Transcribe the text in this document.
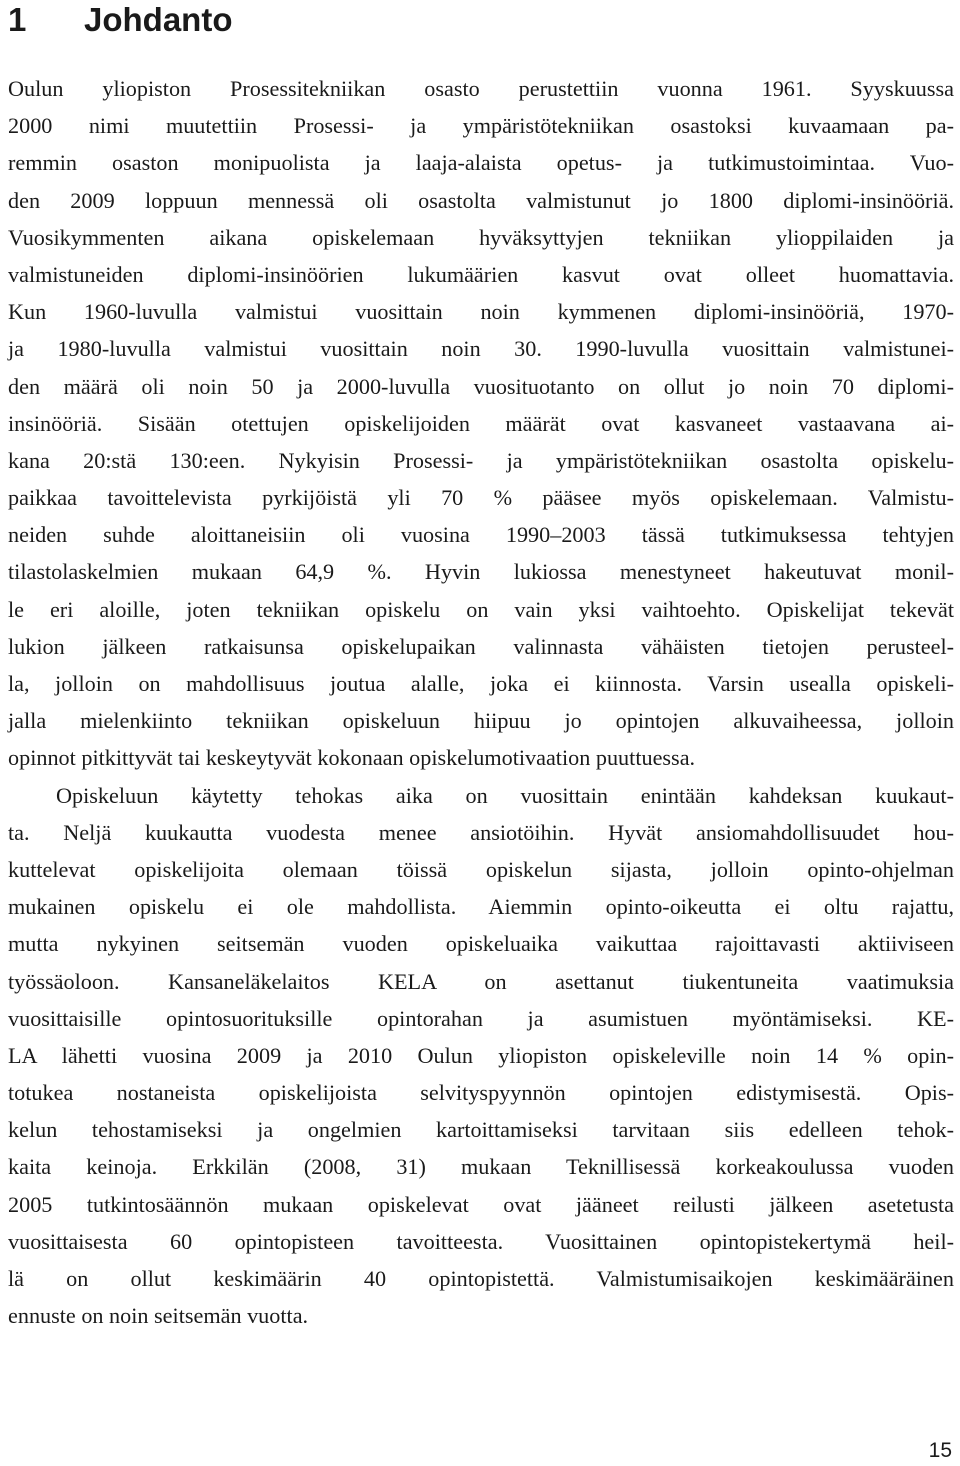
1 Johdanto
Oulun yliopiston Prosessitekniikan osasto perustettiin vuonna 1961. Syyskuussa
2000 nimi muutettiin Prosessi- ja ympäristötekniikan osastoksi kuvaamaan pa-
remmin osaston monipuolista ja laaja-alaista opetus- ja tutkimustoimintaa. Vuo-
den 2009 loppuun mennessä oli osastolta valmistunut jo 1800 diplomi-insinööriä.
Vuosikymmenten aikana opiskelemaan hyväksyttyjen tekniikan ylioppilaiden ja
valmistuneiden diplomi-insinöörien lukumäärien kasvut ovat olleet huomattavia.
Kun 1960-luvulla valmistui vuosittain noin kymmenen diplomi-insinööriä, 1970-
ja 1980-luvulla valmistui vuosittain noin 30. 1990-luvulla vuosittain valmistunei-
den määrä oli noin 50 ja 2000-luvulla vuosituotanto on ollut jo noin 70 diplomi-
insinööriä. Sisään otettujen opiskelijoiden määrät ovat kasvaneet vastaavana ai-
kana 20:stä 130:een. Nykyisin Prosessi- ja ympäristötekniikan osastolta opiskelu-
paikkaa tavoittelevista pyrkijöistä yli 70 % pääsee myös opiskelemaan. Valmistu-
neiden suhde aloittaneisiin oli vuosina 1990–2003 tässä tutkimuksessa tehtyjen
tilastolaskelmien mukaan 64,9 %. Hyvin lukiossa menestyneet hakeutuvat monil-
le eri aloille, joten tekniikan opiskelu on vain yksi vaihtoehto. Opiskelijat tekevät
lukion jälkeen ratkaisunsa opiskelupaikan valinnasta vähäisten tietojen perusteel-
la, jolloin on mahdollisuus joutua alalle, joka ei kiinnosta. Varsin usealla opiskeli-
jalla mielenkiinto tekniikan opiskeluun hiipuu jo opintojen alkuvaiheessa, jolloin
opinnot pitkittyvät tai keskeytyvät kokonaan opiskelumotivaation puuttuessa.
Opiskeluun käytetty tehokas aika on vuosittain enintään kahdeksan kuukaut-
ta. Neljä kuukautta vuodesta menee ansiotöihin. Hyvät ansiomahdollisuudet hou-
kuttelevat opiskelijoita olemaan töissä opiskelun sijasta, jolloin opinto-ohjelman
mukainen opiskelu ei ole mahdollista. Aiemmin opinto-oikeutta ei oltu rajattu,
mutta nykyinen seitsemän vuoden opiskeluaika vaikuttaa rajoittavasti aktiiviseen
työssäoloon. Kansaneläkelaitos KELA on asettanut tiukentuneita vaatimuksia
vuosittaisille opintosuorituksille opintorahan ja asumistuen myöntämiseksi. KE-
LA lähetti vuosina 2009 ja 2010 Oulun yliopiston opiskeleville noin 14 % opin-
totukea nostaneista opiskelijoista selvityspyynnön opintojen edistymisestä. Opis-
kelun tehostamiseksi ja ongelmien kartoittamiseksi tarvitaan siis edelleen tehok-
kaita keinoja. Erkkilän (2008, 31) mukaan Teknillisessä korkeakoulussa vuoden
2005 tutkintosäännön mukaan opiskelevat ovat jääneet reilusti jälkeen asetetusta
vuosittaisesta 60 opintopisteen tavoitteesta. Vuosittainen opintopistekertymä heil-
lä on ollut keskimäärin 40 opintopistettä. Valmistumisaikojen keskimääräinen
ennuste on noin seitsemän vuotta.
15
